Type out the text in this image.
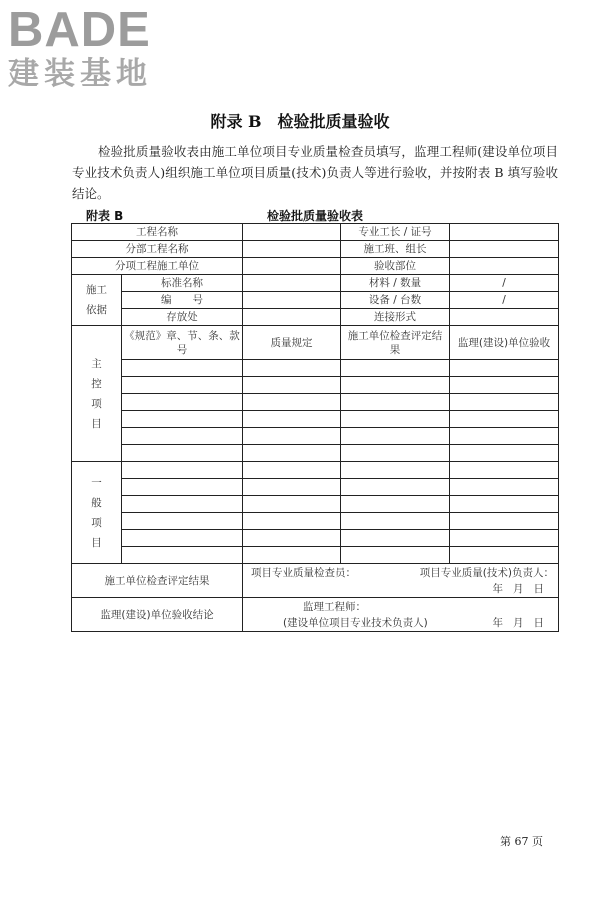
BADE
建装基地
附录 B 检验批质量验收
检验批质量验收表由施工单位项目专业质量检查员填写，监理工程师(建设单位项目专业技术负责人)组织施工单位项目质量(技术)负责人等进行验收，并按附表 B 填写验收结论。
附表 B	检验批质量验收表
工程名称			专业工长 / 证号	
分部工程名称			施工班、组长	
分项工程施工单位			验收部位	

施工依据	标准名称		材料 / 数量	/
	编　　号		设备 / 台数	/
	存放处		连接形式	

主控项目	《规范》章、节、条、款号	质量规定	施工单位检查评定结果	监理(建设)单位验收

一般项目				

施工单位检查评定结果		项目专业质量检查员： 项目专业质量(技术)负责人：
年月日		

监理(建设)单位验收结论		监理工程师：
(建设单位项目专业技术负责人) 年月日		
第 67 页
